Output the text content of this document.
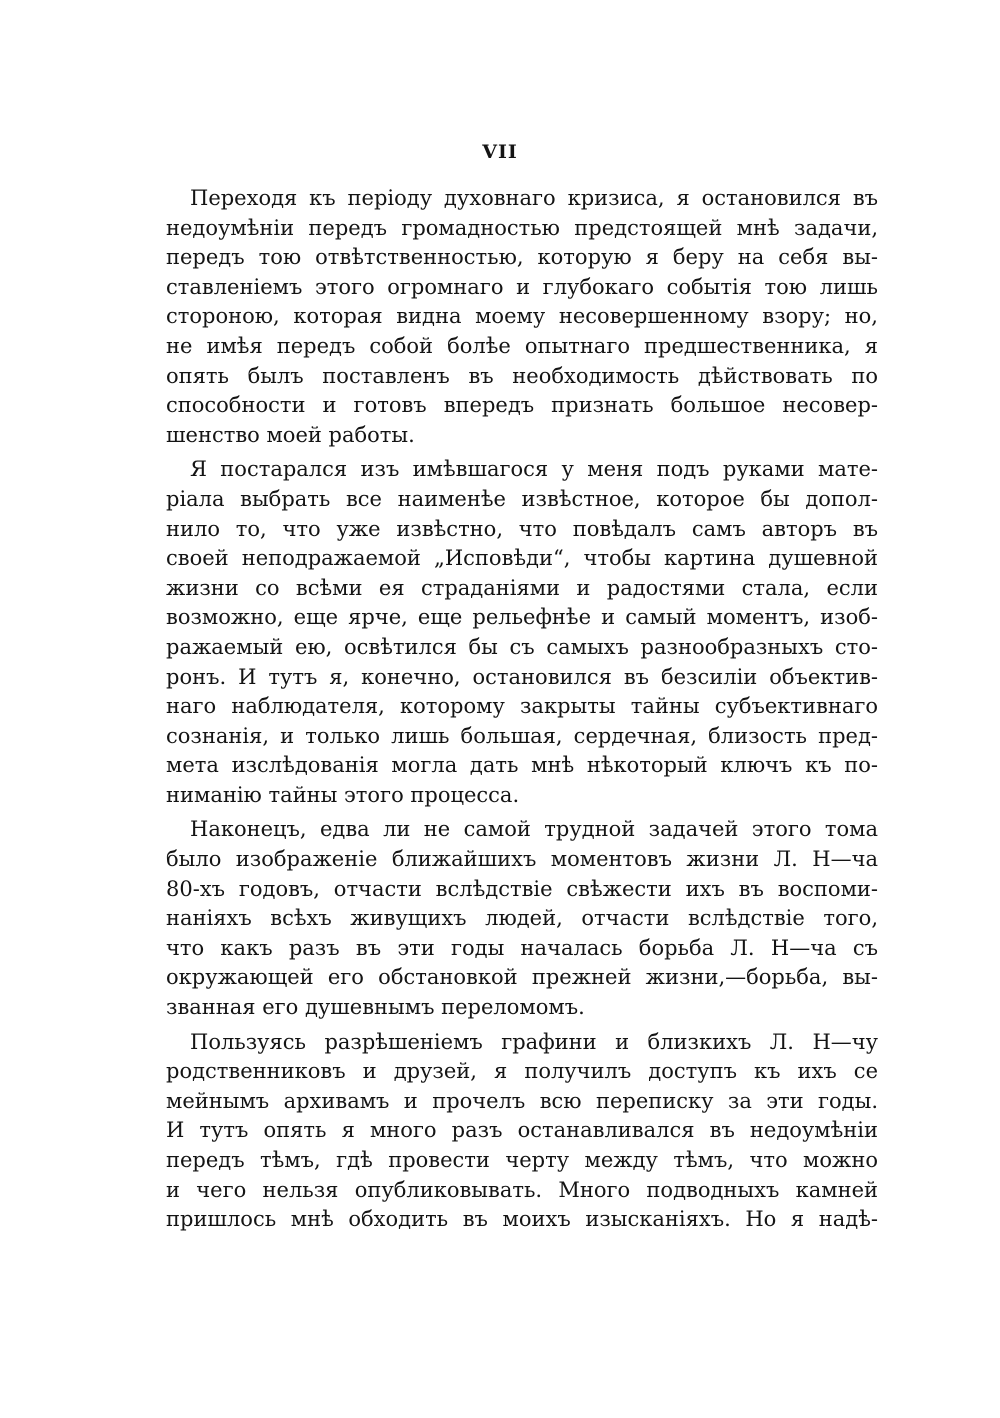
VII
Переходя къ періоду духовнаго кризиса, я остановился въ
недоумѣніи передъ громадностью предстоящей мнѣ задачи,
передъ тою отвѣтственностью, которую я беру на себя вы-
ставленіемъ этого огромнаго и глубокаго событія тою лишь
стороною, которая видна моему несовершенному взору; но,
не имѣя передъ собой болѣе опытнаго предшественника, я
опять былъ поставленъ въ необходимость дѣйствовать по
способности и готовъ впередъ признать большое несовер-
шенство моей работы.
Я постарался изъ имѣвшагося у меня подъ руками мате-
ріала выбрать все наименѣе извѣстное, которое бы допол-
нило то, что уже извѣстно, что повѣдалъ самъ авторъ въ
своей неподражаемой „Исповѣди“, чтобы картина душевной
жизни со всѣми ея страданіями и радостями стала, если
возможно, еще ярче, еще рельефнѣе и самый моментъ, изоб-
ражаемый ею, освѣтился бы съ самыхъ разнообразныхъ сто-
ронъ. И тутъ я, конечно, остановился въ безсиліи объектив-
наго наблюдателя, которому закрыты тайны субъективнаго
сознанія, и только лишь большая, сердечная, близость пред-
мета изслѣдованія могла дать мнѣ нѣкоторый ключъ къ по-
ниманію тайны этого процесса.
Наконецъ, едва ли не самой трудной задачей этого тома
было изображеніе ближайшихъ моментовъ жизни Л. Н—ча
80-хъ годовъ, отчасти вслѣдствіе свѣжести ихъ въ воспоми-
наніяхъ всѣхъ живущихъ людей, отчасти вслѣдствіе того,
что какъ разъ въ эти годы началась борьба Л. Н—ча съ
окружающей его обстановкой прежней жизни,—борьба, вы-
званная его душевнымъ переломомъ.
Пользуясь разрѣшеніемъ графини и близкихъ Л. Н—чу
родственниковъ и друзей, я получилъ доступъ къ ихъ се
мейнымъ архивамъ и прочелъ всю переписку за эти годы.
И тутъ опять я много разъ останавливался въ недоумѣніи
передъ тѣмъ, гдѣ провести черту между тѣмъ, что можно
и чего нельзя опубликовывать. Много подводныхъ камней
пришлось мнѣ обходить въ моихъ изысканіяхъ. Но я надѣ-
